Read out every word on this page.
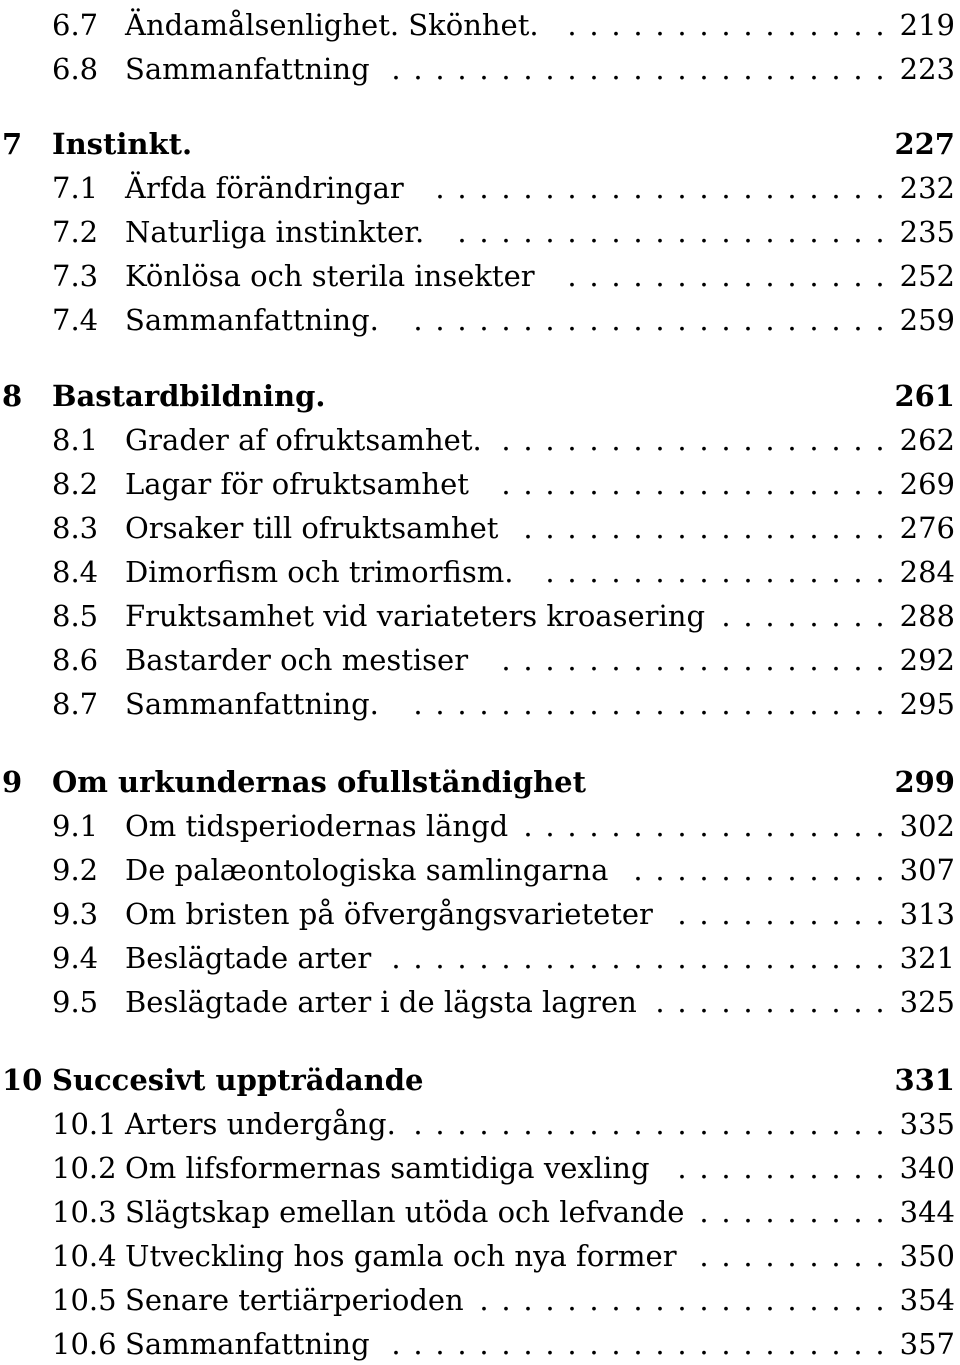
6.7 Ändamålsenlighet. Skönhet. . . . . . . . . . . . . . . . 219
6.8 Sammanfattning . . . . . . . . . . . . . . . . . . . . . . . 223
7 Instinkt.	227
7.1 Ärfda förändringar . . . . . . . . . . . . . . . . . . . . . 232
7.2 Naturliga instinkter. . . . . . . . . . . . . . . . . . . . . 235
7.3 Könlösa och sterila insekter . . . . . . . . . . . . . . . 252
7.4 Sammanfattning. . . . . . . . . . . . . . . . . . . . . . . 259
8 Bastardbildning.	261
8.1 Grader af ofruktsamhet. . . . . . . . . . . . . . . . . . . 262
8.2 Lagar för ofruktsamhet . . . . . . . . . . . . . . . . . . 269
8.3 Orsaker till ofruktsamhet . . . . . . . . . . . . . . . . . 276
8.4 Dimorfism och trimorfism. . . . . . . . . . . . . . . . . 284
8.5 Fruktsamhet vid variateters kroasering . . . . . . . . 288
8.6 Bastarder och mestiser . . . . . . . . . . . . . . . . . . 292
8.7 Sammanfattning. . . . . . . . . . . . . . . . . . . . . . . 295
9 Om urkundernas ofullständighet	299
9.1 Om tidsperiodernas längd . . . . . . . . . . . . . . . . . 302
9.2 De palæontologiska samlingarna . . . . . . . . . . . . 307
9.3 Om bristen på öfvergångsvarieteter . . . . . . . . . . 313
9.4 Beslägtade arter . . . . . . . . . . . . . . . . . . . . . . . 321
9.5 Beslägtade arter i de lägsta lagren . . . . . . . . . . . 325
10 Succesivt uppträdande	331
10.1 Arters undergång. . . . . . . . . . . . . . . . . . . . . . . 335
10.2 Om lifsformernas samtidiga vexling . . . . . . . . . . 340
10.3 Slägtskap emellan utöda och lefvande . . . . . . . . . 344
10.4 Utveckling hos gamla och nya former . . . . . . . . . 350
10.5 Senare tertiärperioden . . . . . . . . . . . . . . . . . . . 354
10.6 Sammanfattning . . . . . . . . . . . . . . . . . . . . . . . 357
